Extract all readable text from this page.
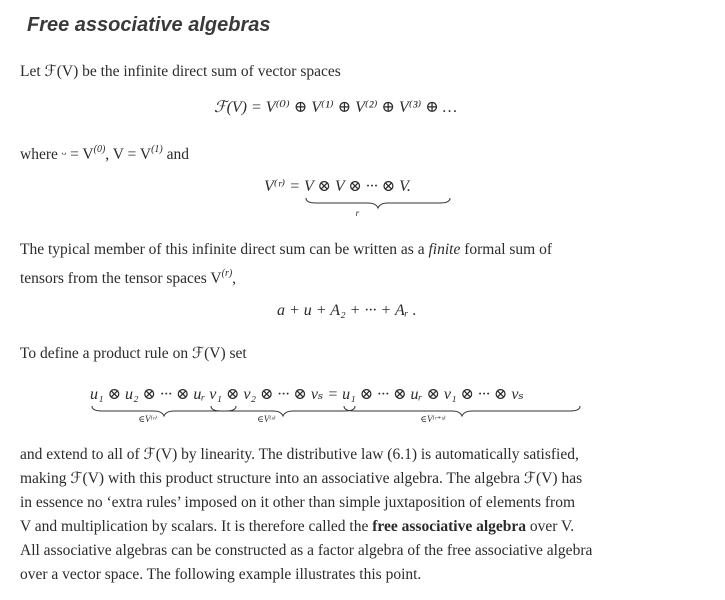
Free associative algebras
Let ℱ(V) be the infinite direct sum of vector spaces
ℱ(V) = V⁽⁰⁾ ⊕ V⁽¹⁾ ⊕ V⁽²⁾ ⊕ V⁽³⁾ ⊕ …
where ᵕ = $V^{(0)}$, $V = V^{(1)}$ and
V⁽ʳ⁾ = V ⊗ V ⊗ ··· ⊗ V.
r
The typical member of this infinite direct sum can be written as a finite formal sum of
tensors from the tensor spaces $V^{(r)}$,
a + u + A₂ + ··· + Aᵣ .
To define a product rule on ℱ(V) set
u₁ ⊗ u₂ ⊗ ··· ⊗ uᵣ
∈V⁽ʳ⁾
v₁ ⊗ v₂ ⊗ ··· ⊗ vₛ
∈V⁽ˢ⁾
= u₁ ⊗ ··· ⊗ uᵣ ⊗ v₁ ⊗ ··· ⊗ vₛ
∈V⁽ʳ⁺ˢ⁾
and extend to all of ℱ(V) by linearity. The distributive law (6.1) is automatically satisfied,
making ℱ(V) with this product structure into an associative algebra. The algebra ℱ(V) has
in essence no ‘extra rules’ imposed on it other than simple juxtaposition of elements from
V and multiplication by scalars. It is therefore called the free associative algebra over V.
All associative algebras can be constructed as a factor algebra of the free associative algebra
over a vector space. The following example illustrates this point.
